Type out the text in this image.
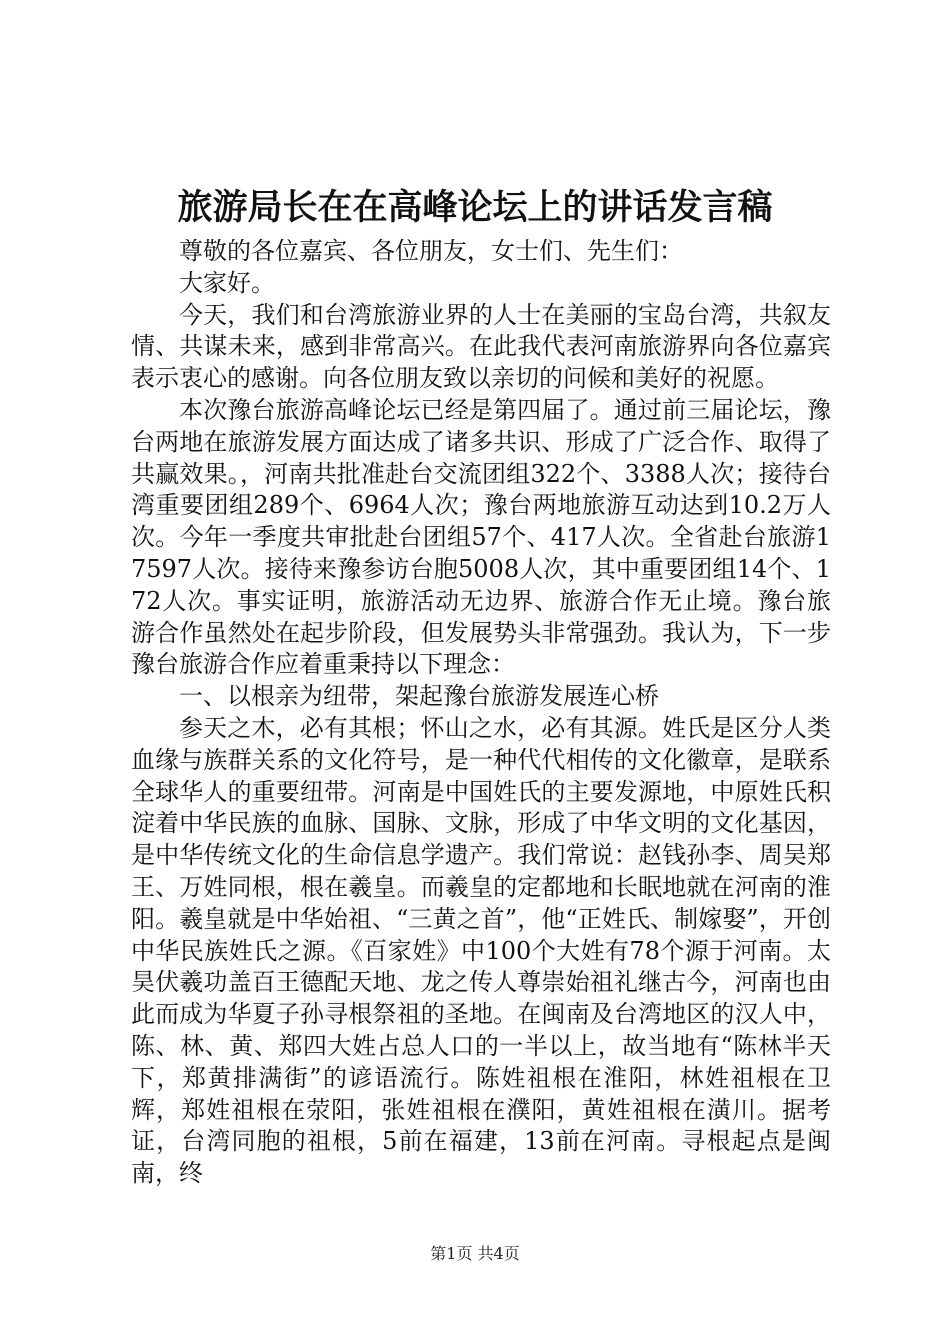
旅游局长在在高峰论坛上的讲话发言稿

尊敬的各位嘉宾、各位朋友，女士们、先生们：

大家好。

今天，我们和台湾旅游业界的人士在美丽的宝岛台湾，共叙友情、共谋未来，感到非常高兴。在此我代表河南旅游界向各位嘉宾表示衷心的感谢。向各位朋友致以亲切的问候和美好的祝愿。

本次豫台旅游高峰论坛已经是第四届了。通过前三届论坛，豫台两地在旅游发展方面达成了诸多共识、形成了广泛合作、取得了共赢效果。，河南共批准赴台交流团组322个、3388人次；接待台湾重要团组289个、6964人次；豫台两地旅游互动达到10.2万人次。今年一季度共审批赴台团组57个、417人次。全省赴台旅游17597人次。接待来豫参访台胞5008人次，其中重要团组14个、172人次。事实证明，旅游活动无边界、旅游合作无止境。豫台旅游合作虽然处在起步阶段，但发展势头非常强劲。我认为，下一步豫台旅游合作应着重秉持以下理念：

一、以根亲为纽带，架起豫台旅游发展连心桥

参天之木，必有其根；怀山之水，必有其源。姓氏是区分人类血缘与族群关系的文化符号，是一种代代相传的文化徽章，是联系全球华人的重要纽带。河南是中国姓氏的主要发源地，中原姓氏积淀着中华民族的血脉、国脉、文脉，形成了中华文明的文化基因，是中华传统文化的生命信息学遗产。我们常说：赵钱孙李、周吴郑王、万姓同根，根在羲皇。而羲皇的定都地和长眠地就在河南的淮阳。羲皇就是中华始祖、“三黄之首”，他“正姓氏、制嫁娶”，开创中华民族姓氏之源。《百家姓》中100个大姓有78个源于河南。太昊伏羲功盖百王德配天地、龙之传人尊崇始祖礼继古今，河南也由此而成为华夏子孙寻根祭祖的圣地。在闽南及台湾地区的汉人中，陈、林、黄、郑四大姓占总人口的一半以上，故当地有“陈林半天下，郑黄排满街”的谚语流行。陈姓祖根在淮阳，林姓祖根在卫辉，郑姓祖根在荥阳，张姓祖根在濮阳，黄姓祖根在潢川。据考证，台湾同胞的祖根，5前在福建，13前在河南。寻根起点是闽南，终

第1页 共4页
